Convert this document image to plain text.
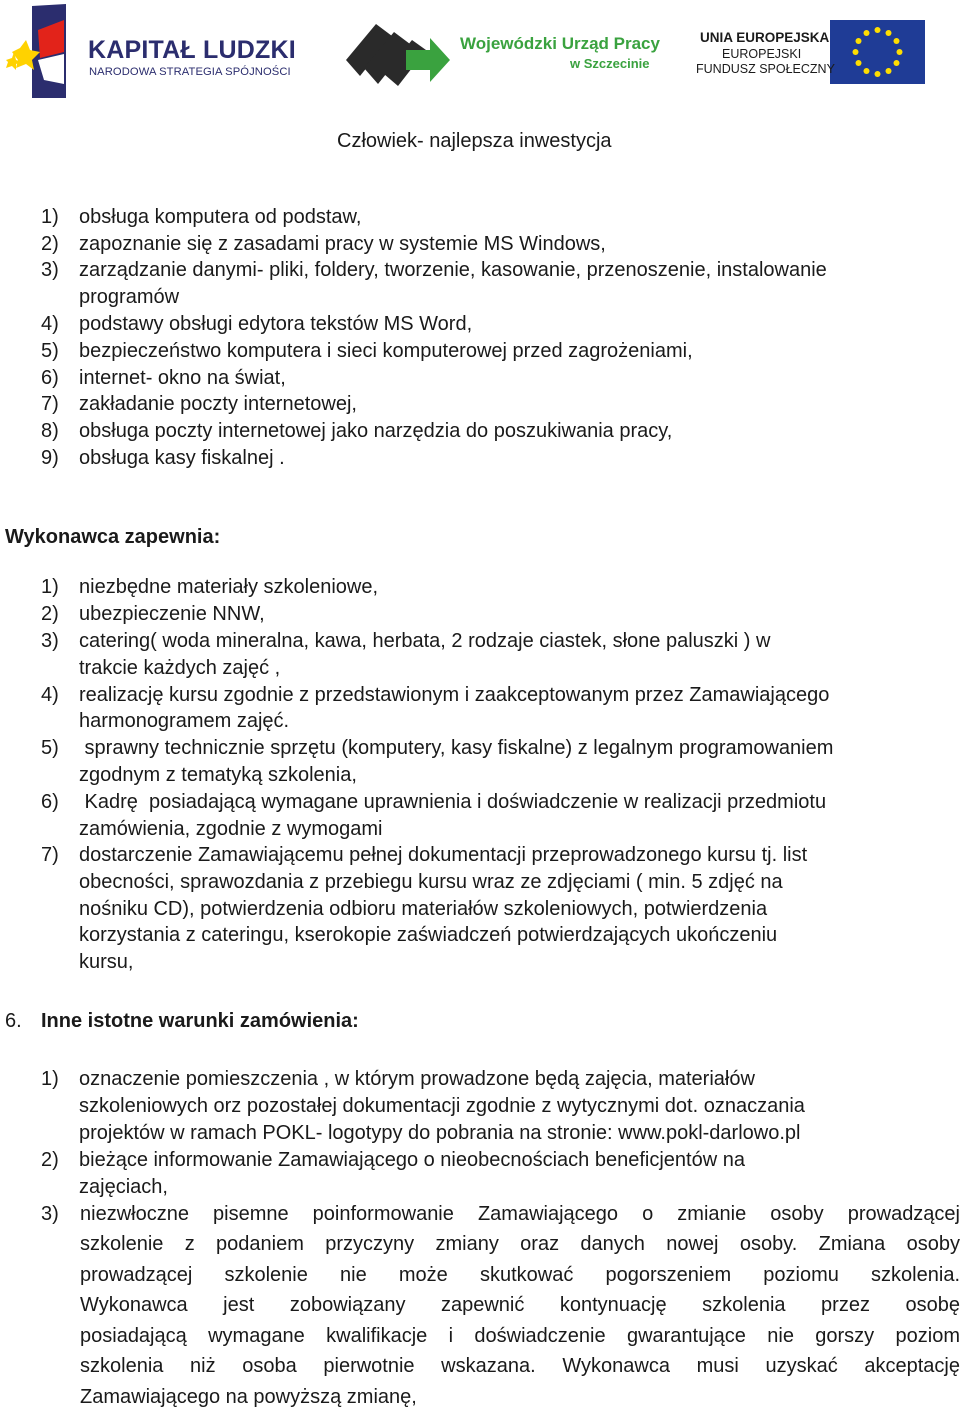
KAPITAŁ LUDZKI
NARODOWA STRATEGIA SPÓJNOŚCI
Wojewódzki Urząd Pracy
w Szczecinie
UNIA EUROPEJSKA
EUROPEJSKI
FUNDUSZ SPOŁECZNY
Człowiek- najlepsza inwestycja
1) obsługa komputera od podstaw,
2) zapoznanie się z zasadami pracy w systemie MS Windows,
3) zarządzanie danymi- pliki, foldery, tworzenie, kasowanie, przenoszenie, instalowanie
programów
4) podstawy obsługi edytora tekstów MS Word,
5) bezpieczeństwo komputera i sieci komputerowej przed zagrożeniami,
6) internet- okno na świat,
7) zakładanie poczty internetowej,
8) obsługa poczty internetowej jako narzędzia do poszukiwania pracy,
9) obsługa kasy fiskalnej .
Wykonawca zapewnia:
1) niezbędne materiały szkoleniowe,
2) ubezpieczenie NNW,
3) catering( woda mineralna, kawa, herbata, 2 rodzaje ciastek, słone paluszki ) w
trakcie każdych zajęć ,
4) realizację kursu zgodnie z przedstawionym i zaakceptowanym przez Zamawiającego
harmonogramem zajęć.
5) sprawny technicznie sprzętu (komputery, kasy fiskalne) z legalnym programowaniem
zgodnym z tematyką szkolenia,
6) Kadrę  posiadającą wymagane uprawnienia i doświadczenie w realizacji przedmiotu
zamówienia, zgodnie z wymogami
7) dostarczenie Zamawiającemu pełnej dokumentacji przeprowadzonego kursu tj. list
obecności, sprawozdania z przebiegu kursu wraz ze zdjęciami ( min. 5 zdjęć na
nośniku CD), potwierdzenia odbioru materiałów szkoleniowych, potwierdzenia
korzystania z cateringu, kserokopie zaświadczeń potwierdzających ukończeniu
kursu,
6. Inne istotne warunki zamówienia:
1) oznaczenie pomieszczenia , w którym prowadzone będą zajęcia, materiałów
szkoleniowych orz pozostałej dokumentacji zgodnie z wytycznymi dot. oznaczania
projektów w ramach POKL- logotypy do pobrania na stronie: www.pokl-darlowo.pl
2) bieżące informowanie Zamawiającego o nieobecnościach beneficjentów na
zajęciach,
3) niezwłoczne pisemne poinformowanie Zamawiającego o zmianie osoby prowadzącej
szkolenie z podaniem przyczyny zmiany oraz danych nowej osoby. Zmiana osoby
prowadzącej szkolenie nie może skutkować pogorszeniem poziomu szkolenia.
Wykonawca jest zobowiązany zapewnić kontynuację szkolenia przez osobę
posiadającą wymagane kwalifikacje i doświadczenie gwarantujące nie gorszy poziom
szkolenia niż osoba pierwotnie wskazana. Wykonawca musi uzyskać akceptację
Zamawiającego na powyższą zmianę,
